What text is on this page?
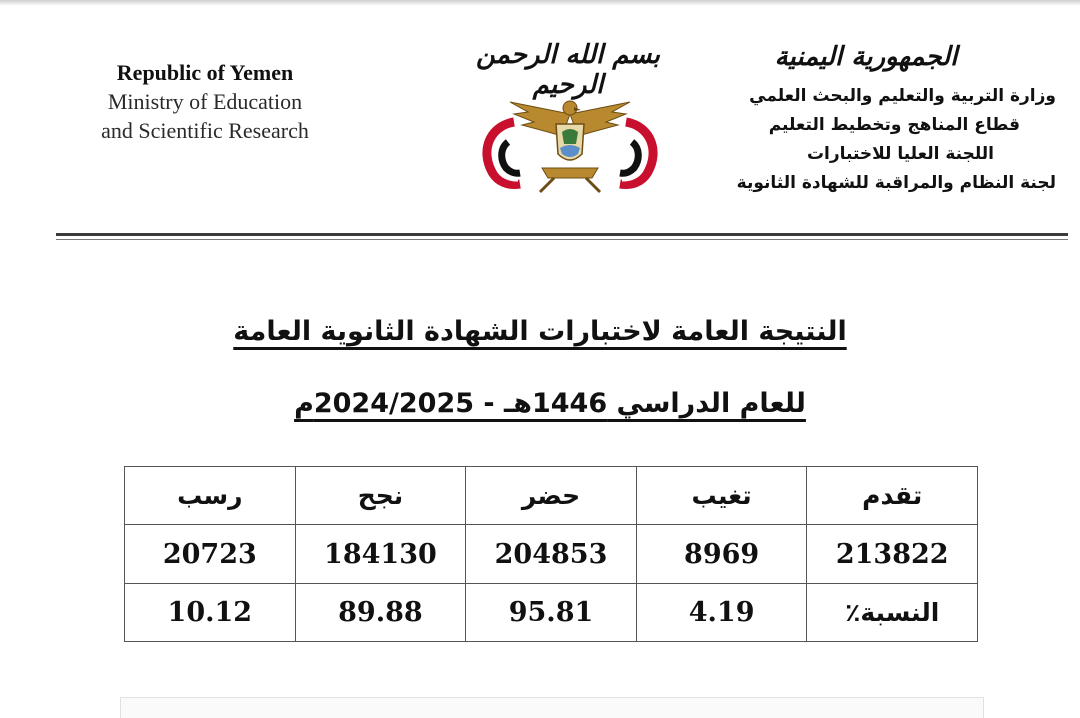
Republic of Yemen
Ministry of Education
and Scientific Research
بسم الله الرحمن الرحيم
الجمهورية اليمنية
وزارة التربية والتعليم والبحث العلمي
قطاع المناهج وتخطيط التعليم
اللجنة العليا للاختبارات
لجنة النظام والمراقبة للشهادة الثانوية
النتيجة العامة لاختبارات الشهادة الثانوية العامة
للعام الدراسي 1446هـ - 2024/2025م
تقدم	تغيب	حضر	نجح	رسب
213822	8969	204853	184130	20723
النسبة٪	4.19	95.81	89.88	10.12
